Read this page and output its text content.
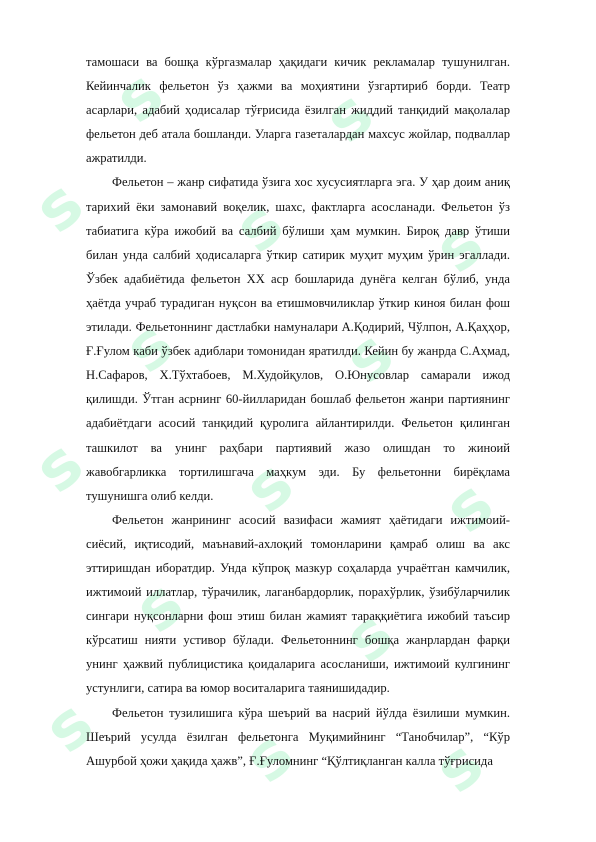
s s
s s s
s s
s s s
s s
s s s

тамошаси ва бошқа кўргазмалар ҳақидаги кичик рекламалар тушунилган. Кейинчалик фельетон ўз ҳажми ва моҳиятини ўзгартириб борди. Театр асарлари, адабий ҳодисалар тўғрисида ёзилган жиддий танқидий мақолалар фельетон деб атала бошланди. Уларга газеталардан махсус жойлар, подваллар ажратилди.

Фельетон – жанр сифатида ўзига хос хусусиятларга эга. У ҳар доим аниқ тарихий ёки замонавий воқелик, шахс, фактларга асосланади. Фельетон ўз табиатига кўра ижобий ва салбий бўлиши ҳам мумкин. Бироқ давр ўтиши билан унда салбий ҳодисаларга ўткир сатирик муҳит муҳим ўрин эгаллади. Ўзбек адабиётида фельетон ХХ аср бошларида дунёга келган бўлиб, унда ҳаётда учраб турадиган нуқсон ва етишмовчиликлар ўткир киноя билан фош этилади. Фельетоннинг дастлабки намуналари А.Қодирий, Чўлпон, А.Қаҳҳор, Ғ.Ғулом каби ўзбек адиблари томонидан яратилди. Кейин бу жанрда С.Аҳмад, Н.Сафаров, Х.Тўхтабоев, М.Худойқулов, О.Юнусовлар самарали ижод қилишди. Ўтган асрнинг 60-йилларидан бошлаб фельетон жанри партиянинг адабиётдаги асосий танқидий қуролига айлантирилди. Фельетон қилинган ташкилот ва унинг раҳбари партиявий жазо олишдан то жиноий жавобгарликка тортилишгача маҳкум эди. Бу фельетонни бирёқлама тушунишга олиб келди.

Фельетон жанрининг асосий вазифаси жамият ҳаётидаги ижтимоий-сиёсий, иқтисодий, маънавий-ахлоқий томонларини қамраб олиш ва акс эттиришдан иборатдир. Унда кўпроқ мазкур соҳаларда учраётган камчилик, ижтимоий иллатлар, тўрачилик, лаганбардорлик, порахўрлик, ўзибўларчилик сингари нуқсонларни фош этиш билан жамият тараққиётига ижобий таъсир кўрсатиш нияти устивор бўлади. Фельетоннинг бошқа жанрлардан фарқи унинг ҳажвий публицистика қоидаларига асосланиши, ижтимоий кулгининг устунлиги, сатира ва юмор воситаларига таянишидадир.

Фельетон тузилишига кўра шеърий ва насрий йўлда ёзилиши мумкин. Шеърий усулда ёзилган фельетонга Муқимийнинг “Танобчилар”, “Кўр Ашурбой ҳожи ҳақида ҳажв”, Ғ.Ғуломнинг “Қўлтиқланган калла тўғрисида
